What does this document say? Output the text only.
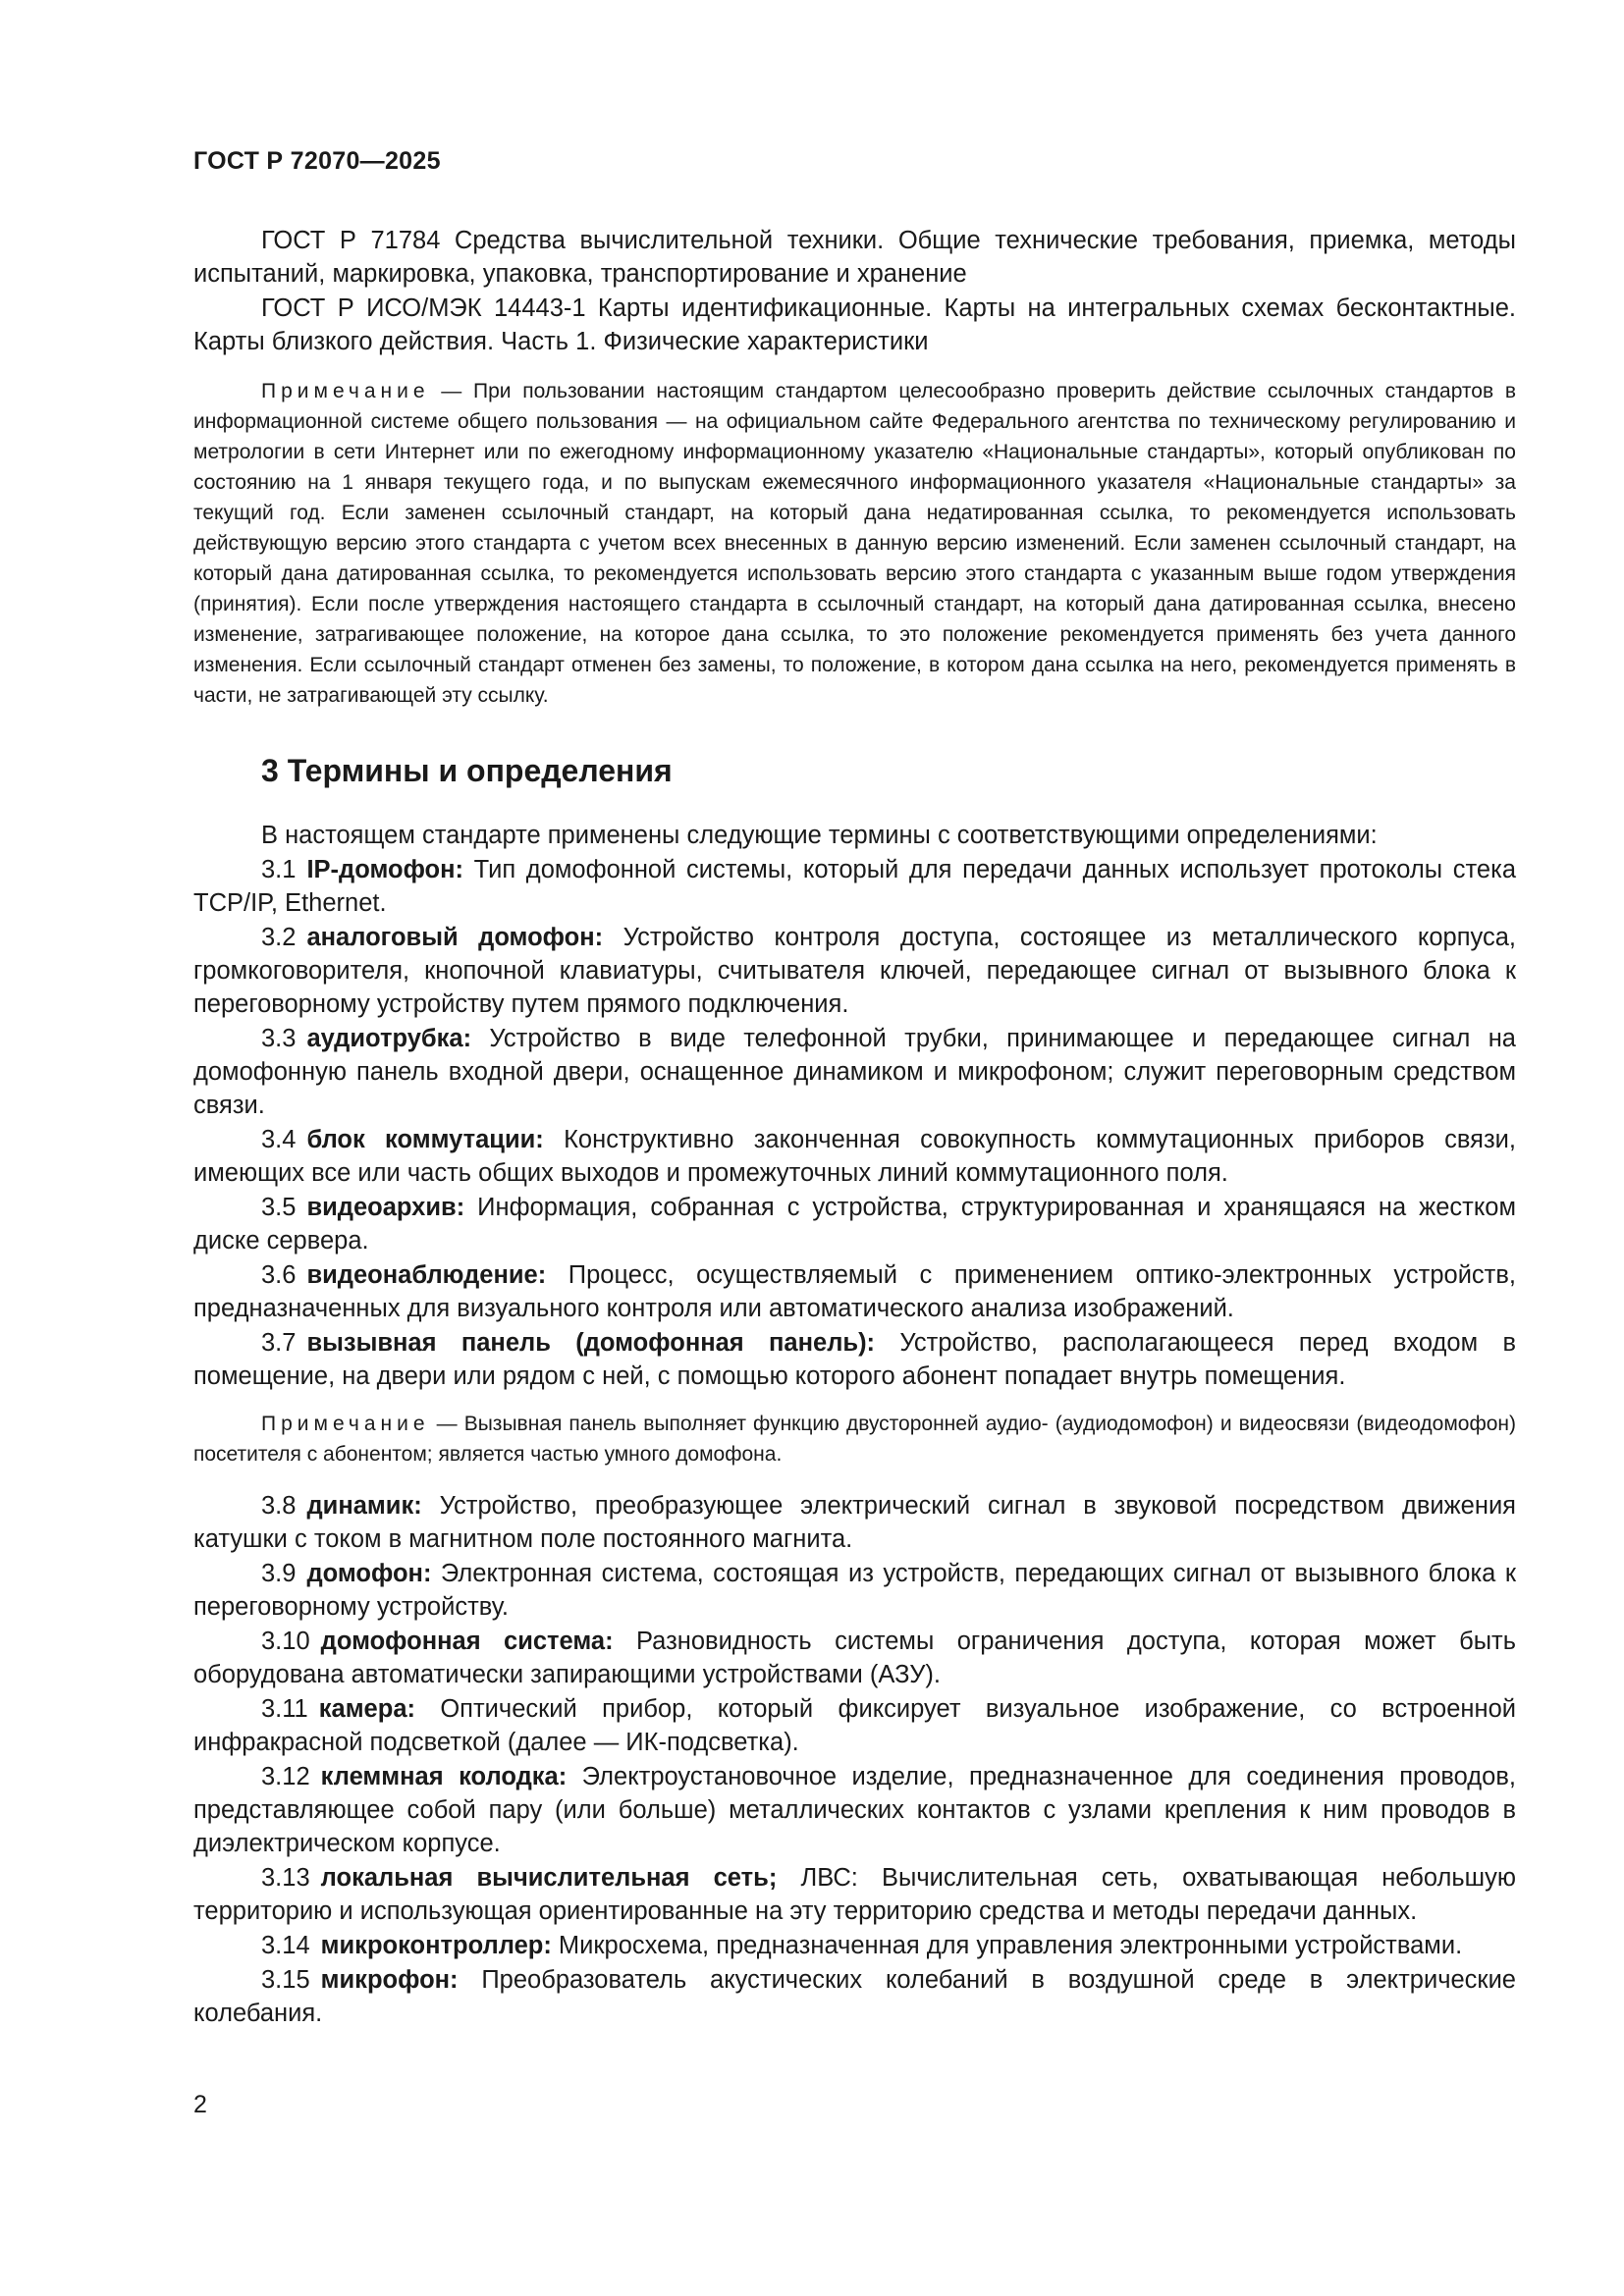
ГОСТ Р 72070—2025

ГОСТ Р 71784 Средства вычислительной техники. Общие технические требования, приемка, методы испытаний, маркировка, упаковка, транспортирование и хранение

ГОСТ Р ИСО/МЭК 14443-1 Карты идентификационные. Карты на интегральных схемах бесконтактные. Карты близкого действия. Часть 1. Физические характеристики

Примечание — При пользовании настоящим стандартом целесообразно проверить действие ссылочных стандартов в информационной системе общего пользования — на официальном сайте Федерального агентства по техническому регулированию и метрологии в сети Интернет или по ежегодному информационному указателю «Национальные стандарты», который опубликован по состоянию на 1 января текущего года, и по выпускам ежемесячного информационного указателя «Национальные стандарты» за текущий год. Если заменен ссылочный стандарт, на который дана недатированная ссылка, то рекомендуется использовать действующую версию этого стандарта с учетом всех внесенных в данную версию изменений. Если заменен ссылочный стандарт, на который дана датированная ссылка, то рекомендуется использовать версию этого стандарта с указанным выше годом утверждения (принятия). Если после утверждения настоящего стандарта в ссылочный стандарт, на который дана датированная ссылка, внесено изменение, затрагивающее положение, на которое дана ссылка, то это положение рекомендуется применять без учета данного изменения. Если ссылочный стандарт отменен без замены, то положение, в котором дана ссылка на него, рекомендуется применять в части, не затрагивающей эту ссылку.

3 Термины и определения

В настоящем стандарте применены следующие термины с соответствующими определениями:

3.1 IP-домофон: Тип домофонной системы, который для передачи данных использует протоколы стека TCP/IP, Ethernet.

3.2 аналоговый домофон: Устройство контроля доступа, состоящее из металлического корпуса, громкоговорителя, кнопочной клавиатуры, считывателя ключей, передающее сигнал от вызывного блока к переговорному устройству путем прямого подключения.

3.3 аудиотрубка: Устройство в виде телефонной трубки, принимающее и передающее сигнал на домофонную панель входной двери, оснащенное динамиком и микрофоном; служит переговорным средством связи.

3.4 блок коммутации: Конструктивно законченная совокупность коммутационных приборов связи, имеющих все или часть общих выходов и промежуточных линий коммутационного поля.

3.5 видеоархив: Информация, собранная с устройства, структурированная и хранящаяся на жестком диске сервера.

3.6 видеонаблюдение: Процесс, осуществляемый с применением оптико-электронных устройств, предназначенных для визуального контроля или автоматического анализа изображений.

3.7 вызывная панель (домофонная панель): Устройство, располагающееся перед входом в помещение, на двери или рядом с ней, с помощью которого абонент попадает внутрь помещения.

Примечание — Вызывная панель выполняет функцию двусторонней аудио- (аудиодомофон) и видеосвязи (видеодомофон) посетителя с абонентом; является частью умного домофона.

3.8 динамик: Устройство, преобразующее электрический сигнал в звуковой посредством движения катушки с током в магнитном поле постоянного магнита.

3.9 домофон: Электронная система, состоящая из устройств, передающих сигнал от вызывного блока к переговорному устройству.

3.10 домофонная система: Разновидность системы ограничения доступа, которая может быть оборудована автоматически запирающими устройствами (АЗУ).

3.11 камера: Оптический прибор, который фиксирует визуальное изображение, со встроенной инфракрасной подсветкой (далее — ИК-подсветка).

3.12 клеммная колодка: Электроустановочное изделие, предназначенное для соединения проводов, представляющее собой пару (или больше) металлических контактов с узлами крепления к ним проводов в диэлектрическом корпусе.

3.13 локальная вычислительная сеть; ЛВС: Вычислительная сеть, охватывающая небольшую территорию и использующая ориентированные на эту территорию средства и методы передачи данных.

3.14 микроконтроллер: Микросхема, предназначенная для управления электронными устройствами.

3.15 микрофон: Преобразователь акустических колебаний в воздушной среде в электрические колебания.

2
